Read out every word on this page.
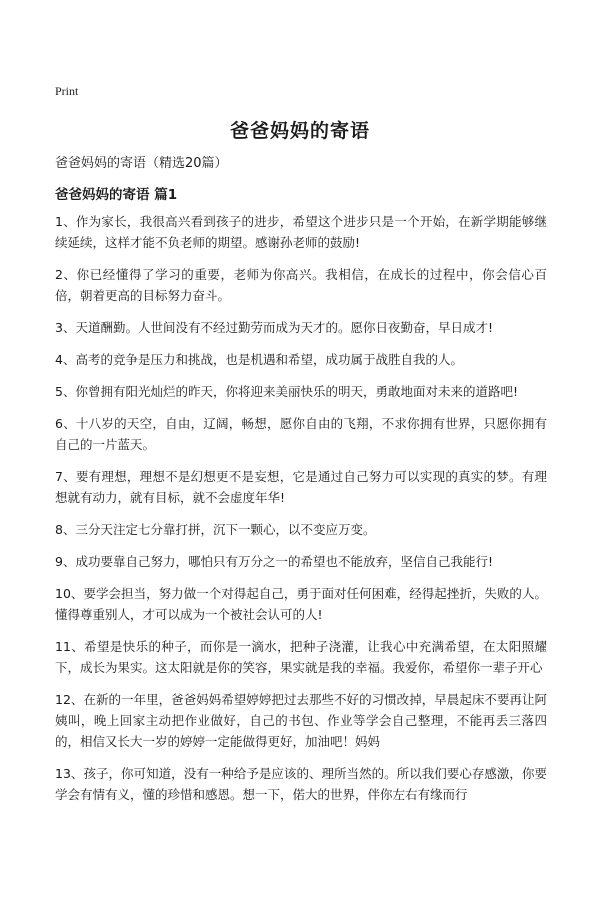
Print
爸爸妈妈的寄语
爸爸妈妈的寄语（精选20篇）
爸爸妈妈的寄语 篇1

1、作为家长，我很高兴看到孩子的进步，希望这个进步只是一个开始，在新学期能够继续延续，这样才能不负老师的期望。感谢孙老师的鼓励!

2、你已经懂得了学习的重要，老师为你高兴。我相信，在成长的过程中，你会信心百倍，朝着更高的目标努力奋斗。

3、天道酬勤。人世间没有不经过勤劳而成为天才的。愿你日夜勤奋，早日成才!

4、高考的竞争是压力和挑战，也是机遇和希望，成功属于战胜自我的人。

5、你曾拥有阳光灿烂的昨天，你将迎来美丽快乐的明天，勇敢地面对未来的道路吧!

6、十八岁的天空，自由，辽阔，畅想，愿你自由的飞翔，不求你拥有世界，只愿你拥有自己的一片蓝天。

7、要有理想，理想不是幻想更不是妄想，它是通过自己努力可以实现的真实的梦。有理想就有动力，就有目标，就不会虚度年华!

8、三分天注定七分靠打拼，沉下一颗心，以不变应万变。

9、成功要靠自己努力，哪怕只有万分之一的希望也不能放弃，坚信自己我能行!

10、要学会担当，努力做一个对得起自己，勇于面对任何困难，经得起挫折，失败的人。懂得尊重别人，才可以成为一个被社会认可的人!

11、希望是快乐的种子，而你是一滴水，把种子浇灌，让我心中充满希望，在太阳照耀下，成长为果实。这太阳就是你的笑容，果实就是我的幸福。我爱你，希望你一辈子开心

12、在新的一年里，爸爸妈妈希望婷婷把过去那些不好的习惯改掉，早晨起床不要再让阿姨叫，晚上回家主动把作业做好，自己的书包、作业等学会自己整理，不能再丢三落四的，相信又长大一岁的婷婷一定能做得更好，加油吧！妈妈

13、孩子，你可知道，没有一种给予是应该的、理所当然的。所以我们要心存感激，你要学会有情有义，懂的珍惜和感恩。想一下，偌大的世界，伴你左右有缘而行
